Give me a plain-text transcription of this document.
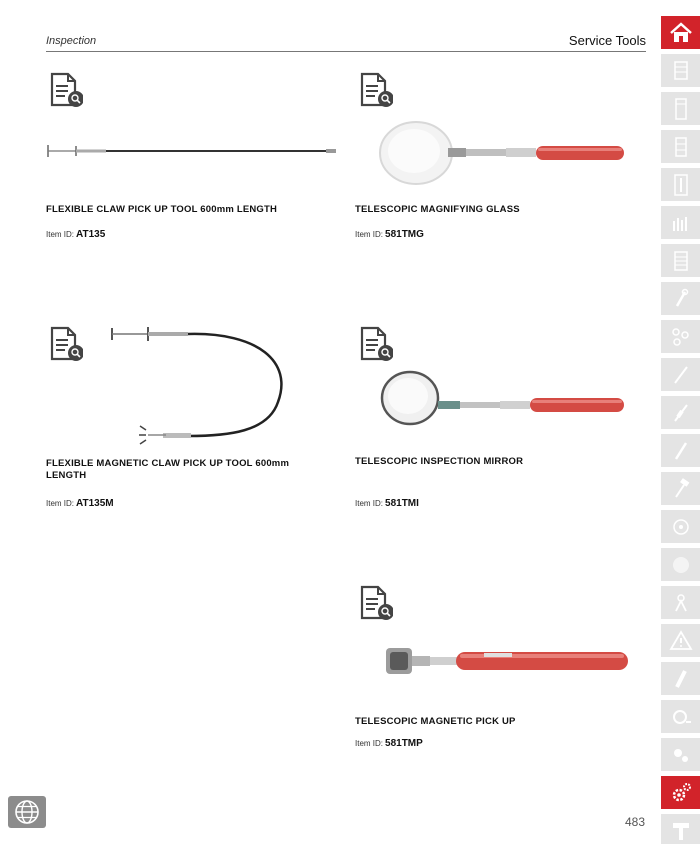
Inspection	Service Tools
FLEXIBLE CLAW PICK UP TOOL 600mm LENGTH
Item ID: AT135
TELESCOPIC MAGNIFYING GLASS
Item ID: 581TMG
FLEXIBLE MAGNETIC CLAW PICK UP TOOL 600mm LENGTH
Item ID: AT135M
TELESCOPIC INSPECTION MIRROR
Item ID: 581TMI
TELESCOPIC MAGNETIC PICK UP
Item ID: 581TMP
483
